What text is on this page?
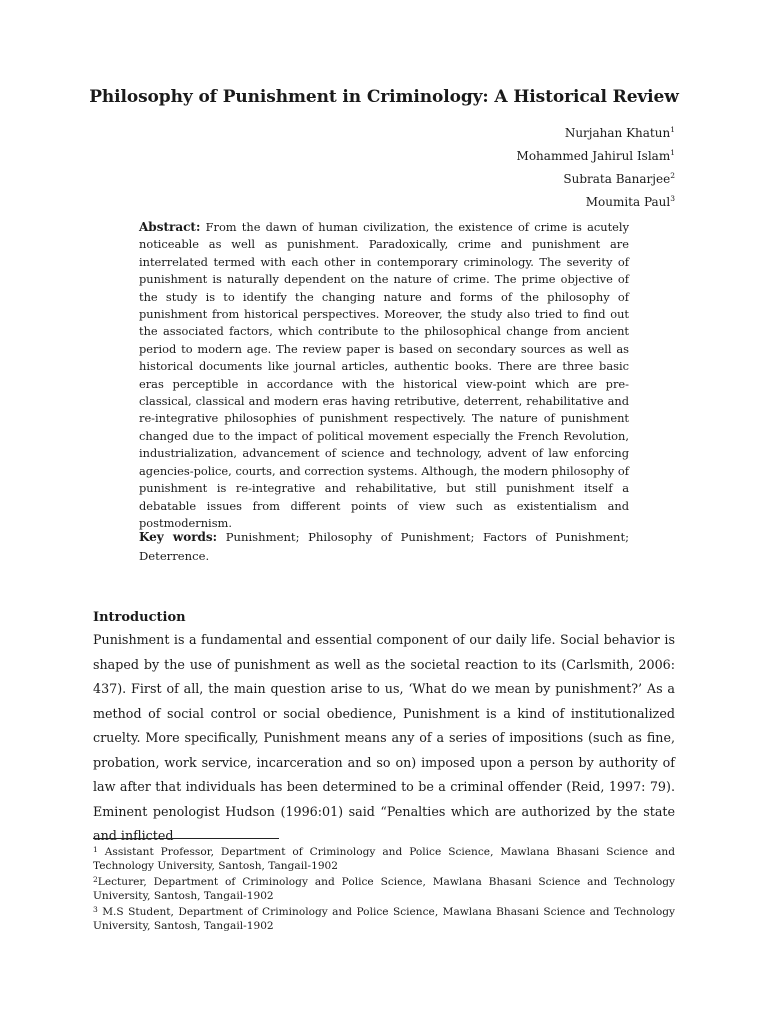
Philosophy of Punishment in Criminology: A Historical Review
Nurjahan Khatun$^1$
Mohammed Jahirul Islam$^1$
Subrata Banarjee$^2$
Moumita Paul$^3$
Abstract: From the dawn of human civilization, the existence of crime is acutely noticeable as well as punishment. Paradoxically, crime and punishment are interrelated termed with each other in contemporary criminology. The severity of punishment is naturally dependent on the nature of crime. The prime objective of the study is to identify the changing nature and forms of the philosophy of punishment from historical perspectives. Moreover, the study also tried to find out the associated factors, which contribute to the philosophical change from ancient period to modern age. The review paper is based on secondary sources as well as historical documents like journal articles, authentic books. There are three basic eras perceptible in accordance with the historical view-point which are pre-classical, classical and modern eras having retributive, deterrent, rehabilitative and re-integrative philosophies of punishment respectively. The nature of punishment changed due to the impact of political movement especially the French Revolution, industrialization, advancement of science and technology, advent of law enforcing agencies-police, courts, and correction systems. Although, the modern philosophy of punishment is re-integrative and rehabilitative, but still punishment itself a debatable issues from different points of view such as existentialism and postmodernism.
Key words: Punishment; Philosophy of Punishment; Factors of Punishment; Deterrence.
Introduction
Punishment is a fundamental and essential component of our daily life. Social behavior is shaped by the use of punishment as well as the societal reaction to its (Carlsmith, 2006: 437). First of all, the main question arise to us, ‘What do we mean by punishment?’ As a method of social control or social obedience, Punishment is a kind of institutionalized cruelty. More specifically, Punishment means any of a series of impositions (such as fine, probation, work service, incarceration and so on) imposed upon a person by authority of law after that individuals has been determined to be a criminal offender (Reid, 1997: 79). Eminent penologist Hudson (1996:01) said “Penalties which are authorized by the state and inflicted

$^1$ Assistant Professor, Department of Criminology and Police Science, Mawlana Bhasani Science and Technology University, Santosh, Tangail-1902

$^2$Lecturer, Department of Criminology and Police Science, Mawlana Bhasani Science and Technology University, Santosh, Tangail-1902

$^3$ M.S Student, Department of Criminology and Police Science, Mawlana Bhasani Science and Technology University, Santosh, Tangail-1902
